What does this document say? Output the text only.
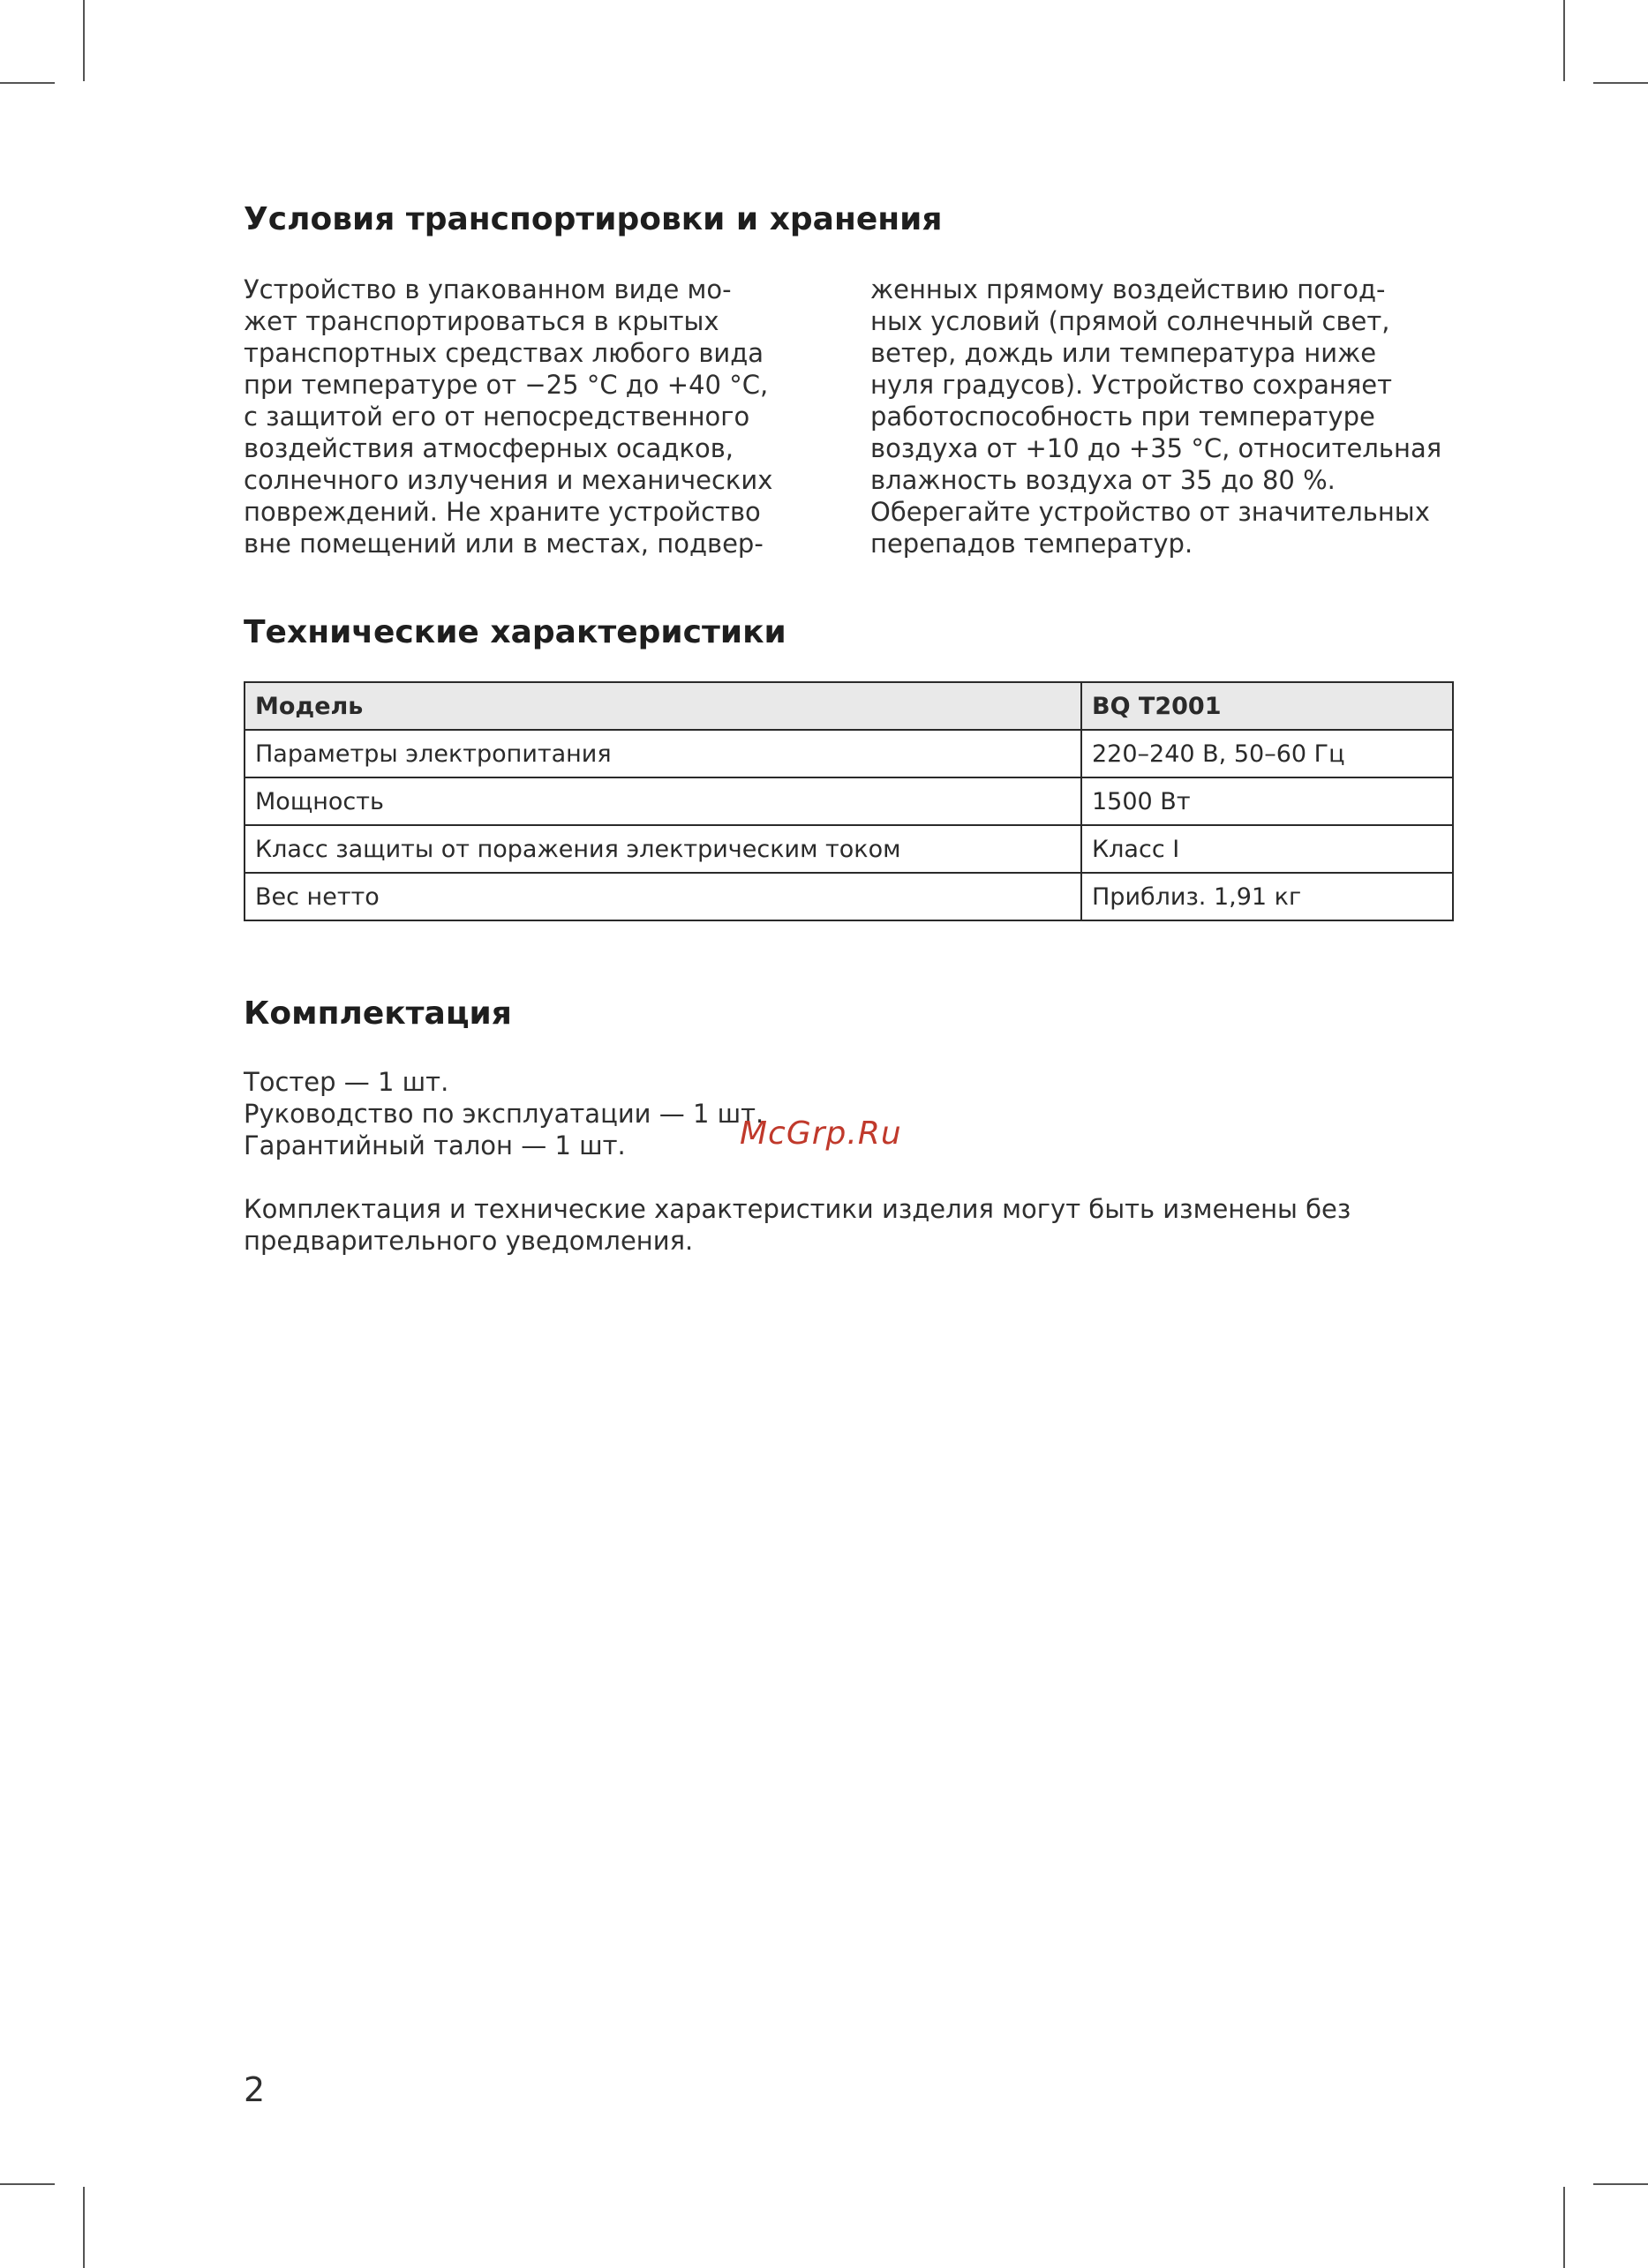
Условия транспортировки и хранения
Устройство в упакованном виде мо-
жет транспортироваться в крытых
транспортных средствах любого вида
при температуре от −25 °C до +40 °C,
с защитой его от непосредственного
воздействия атмосферных осадков,
солнечного излучения и механических
повреждений. Не храните устройство
вне помещений или в местах, подвер-
женных прямому воздействию погод-
ных условий (прямой солнечный свет,
ветер, дождь или температура ниже
нуля градусов). Устройство сохраняет
работоспособность при температуре
воздуха от +10 до +35 °C, относительная
влажность воздуха от 35 до 80 %.
Оберегайте устройство от значительных
перепадов температур.
Технические характеристики
Модель	BQ T2001
Параметры электропитания	220–240 В, 50–60 Гц
Мощность	1500 Вт
Класс защиты от поражения электрическим током	Класс I
Вес нетто	Приблиз. 1,91 кг
Комплектация
Тостер — 1 шт.
Руководство по эксплуатации — 1 шт.
Гарантийный талон — 1 шт.
Комплектация и технические характеристики изделия могут быть изменены без
предварительного уведомления.
McGrp.Ru
2
